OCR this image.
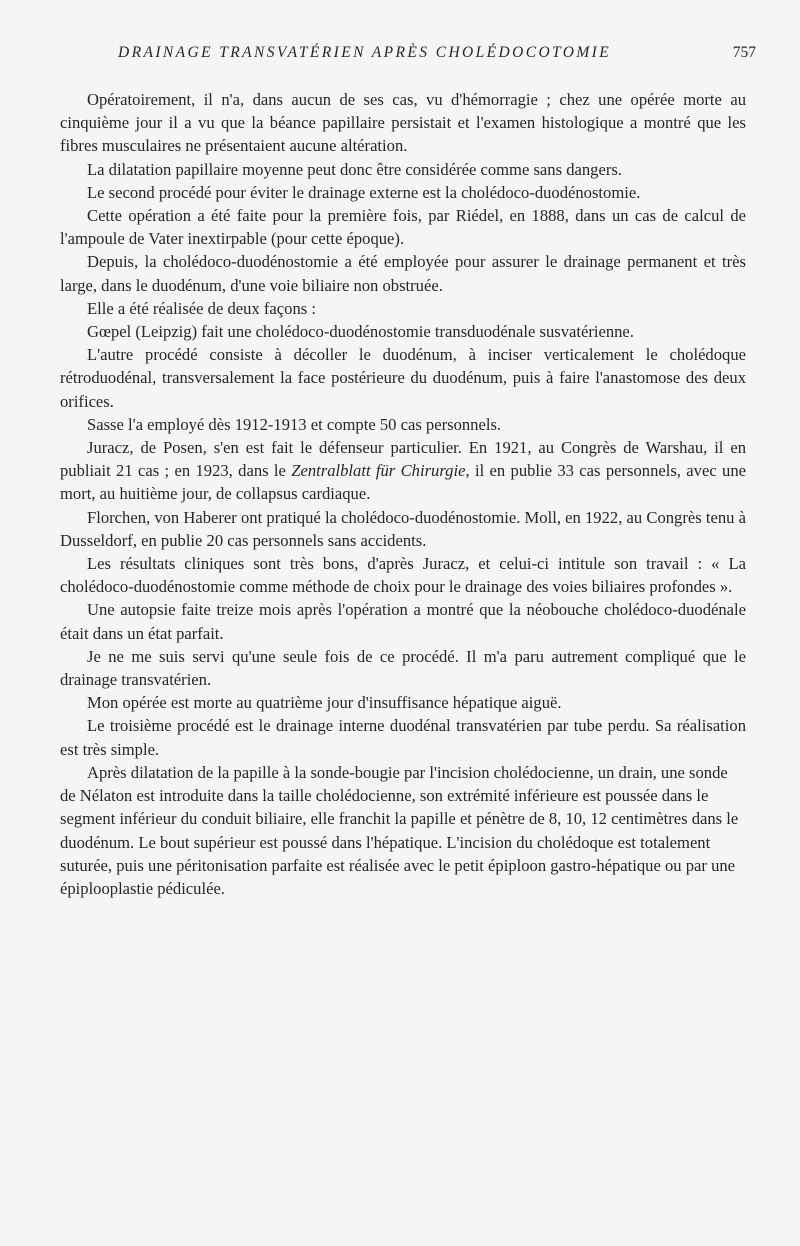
DRAINAGE TRANSVATÉRIEN APRÈS CHOLÉDOCOTOMIE	757

Opératoirement, il n'a, dans aucun de ses cas, vu d'hémorragie ; chez une opérée morte au cinquième jour il a vu que la béance papillaire persistait et l'examen histologique a montré que les fibres musculaires ne présentaient aucune altération.

La dilatation papillaire moyenne peut donc être considérée comme sans dangers.

Le second procédé pour éviter le drainage externe est la cholédoco-duodénostomie.

Cette opération a été faite pour la première fois, par Riédel, en 1888, dans un cas de calcul de l'ampoule de Vater inextirpable (pour cette époque).

Depuis, la cholédoco-duodénostomie a été employée pour assurer le drainage permanent et très large, dans le duodénum, d'une voie biliaire non obstruée.

Elle a été réalisée de deux façons :

Gœpel (Leipzig) fait une cholédoco-duodénostomie transduodénale susvatérienne.

L'autre procédé consiste à décoller le duodénum, à inciser verticalement le cholédoque rétroduodénal, transversalement la face postérieure du duodénum, puis à faire l'anastomose des deux orifices.

Sasse l'a employé dès 1912-1913 et compte 50 cas personnels.

Juracz, de Posen, s'en est fait le défenseur particulier. En 1921, au Congrès de Warshau, il en publiait 21 cas ; en 1923, dans le Zentralblatt für Chirurgie, il en publie 33 cas personnels, avec une mort, au huitième jour, de collapsus cardiaque.

Florchen, von Haberer ont pratiqué la cholédoco-duodénostomie. Moll, en 1922, au Congrès tenu à Dusseldorf, en publie 20 cas personnels sans accidents.

Les résultats cliniques sont très bons, d'après Juracz, et celui-ci intitule son travail : « La cholédoco-duodénostomie comme méthode de choix pour le drainage des voies biliaires profondes ».

Une autopsie faite treize mois après l'opération a montré que la néobouche cholédoco-duodénale était dans un état parfait.

Je ne me suis servi qu'une seule fois de ce procédé. Il m'a paru autrement compliqué que le drainage transvatérien.

Mon opérée est morte au quatrième jour d'insuffisance hépatique aiguë.

Le troisième procédé est le drainage interne duodénal transvatérien par tube perdu. Sa réalisation est très simple.

Après dilatation de la papille à la sonde-bougie par l'incision cholédocienne, un drain, une sonde de Nélaton est introduite dans la taille cholédocienne, son extrémité inférieure est poussée dans le segment inférieur du conduit biliaire, elle franchit la papille et pénètre de 8, 10, 12 centimètres dans le duodénum. Le bout supérieur est poussé dans l'hépatique. L'incision du cholédoque est totalement suturée, puis une péritonisation parfaite est réalisée avec le petit épiploon gastro-hépatique ou par une épiplooplastie pédiculée.
